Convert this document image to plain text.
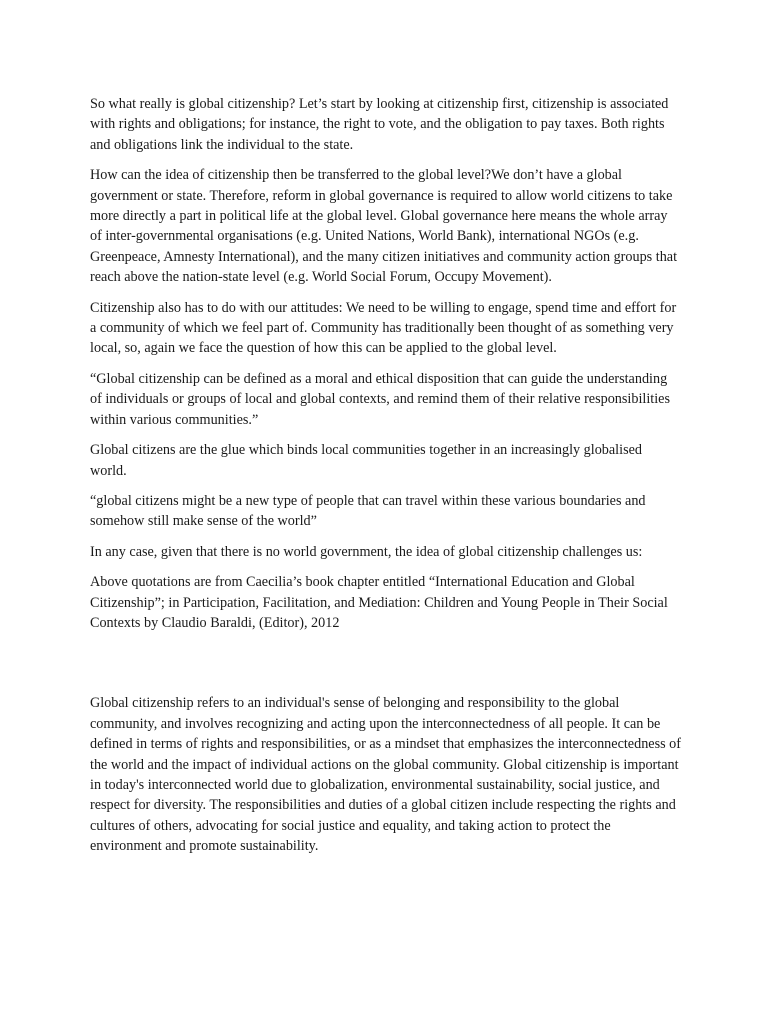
So what really is global citizenship? Let’s start by looking at citizenship first, citizenship is associated with rights and obligations; for instance, the right to vote, and the obligation to pay taxes. Both rights and obligations link the individual to the state.

How can the idea of citizenship then be transferred to the global level?We don’t have a global government or state. Therefore, reform in global governance is required to allow world citizens to take more directly a part in political life at the global level. Global governance here means the whole array of inter-governmental organisations (e.g. United Nations, World Bank), international NGOs (e.g. Greenpeace, Amnesty International), and the many citizen initiatives and community action groups that reach above the nation-state level (e.g. World Social Forum, Occupy Movement).

Citizenship also has to do with our attitudes: We need to be willing to engage, spend time and effort for a community of which we feel part of. Community has traditionally been thought of as something very local, so, again we face the question of how this can be applied to the global level.

“Global citizenship can be defined as a moral and ethical disposition that can guide the understanding of individuals or groups of local and global contexts, and remind them of their relative responsibilities within various communities.”

Global citizens are the glue which binds local communities together in an increasingly globalised world.

“global citizens might be a new type of people that can travel within these various boundaries and somehow still make sense of the world”

In any case, given that there is no world government, the idea of global citizenship challenges us:

Above quotations are from Caecilia’s book chapter entitled “International Education and Global Citizenship”; in Participation, Facilitation, and Mediation: Children and Young People in Their Social Contexts by Claudio Baraldi, (Editor), 2012

Global citizenship refers to an individual's sense of belonging and responsibility to the global community, and involves recognizing and acting upon the interconnectedness of all people. It can be defined in terms of rights and responsibilities, or as a mindset that emphasizes the interconnectedness of the world and the impact of individual actions on the global community. Global citizenship is important in today's interconnected world due to globalization, environmental sustainability, social justice, and respect for diversity. The responsibilities and duties of a global citizen include respecting the rights and cultures of others, advocating for social justice and equality, and taking action to protect the environment and promote sustainability.
